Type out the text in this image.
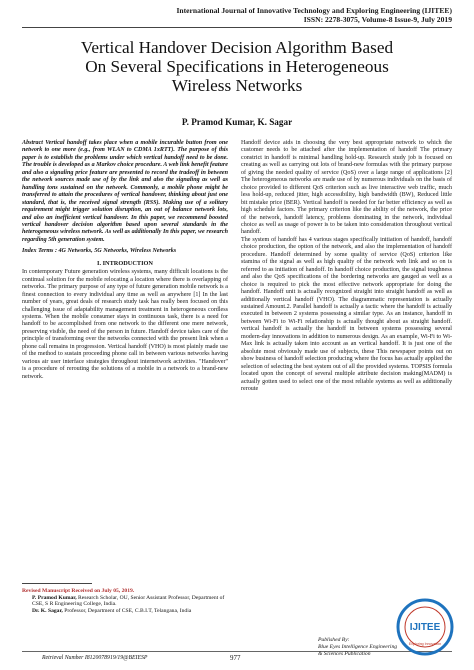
International Journal of Innovative Technology and Exploring Engineering (IJITEE)
ISSN: 2278-3075, Volume-8 Issue-9, July 2019
Vertical Handover Decision Algorithm Based
On Several Specifications in Heterogeneous
Wireless Networks
P. Pramod Kumar, K. Sagar

Abstract Vertical handoff takes place when a mobile incurable button from one network to one more (e.g., from WLAN to CDMA 1xRTT). The purpose of this paper is to establish the problems under which vertical handoff need to be done. The trouble is developed as a Markov choice procedure. A web link benefit feature and also a signaling price feature are presented to record the tradeoff in between the network sources made use of by the link and also the signaling as well as handling tons sustained on the network. Commonly, a mobile phone might be transferred to attain the procedures of vertical handover, thinking about just one standard, that is, the received signal strength (RSS). Making use of a solitary requirement might trigger solution disruption, an out of balance network lots, and also an inefficient vertical handover. In this paper, we recommend boosted vertical handover decision algorithm based upon several standards in the heterogeneous wireless network. As well as additionally In this paper, we research regarding 5th generation system.

Index Terms : 4G Networks, 5G Networks, Wireless Networks

I. INTRODUCTION

In contemporary Future generation wireless systems, many difficult locations is the continual solution for the mobile relocating a location where there is overlapping of networks. The primary purpose of any type of future generation mobile network is a finest connection to every individual any time as well as anywhere [1] In the last number of years, great deals of research study task has really been focused on this challenging issue of adaptability management treatment in heterogeneous cordless systems. When the mobile consumer stays in continuous task, there is a need for handoff to be accomplished from one network to the different one mere network, preserving visible, the need of the person in future. Handoff device takes care of the principle of transforming over the networks connected with the present link when a phone call remains in progression. Vertical handoff (VHO) is most plainly made use of the method to sustain proceeding phone call in between various networks having various air user interface strategies throughout internetwork activities. "Handover" is a procedure of rerouting the solutions of a mobile in a network to a brand-new network.

Handoff device aids in choosing the very best appropriate network to which the customer needs to be attached after the implementation of handoff The primary constrict in handoff is minimal handling hold-up. Research study job is focused on creating as well as carrying out lots of brand-new formulas with the primary purpose of giving the needed quality of service (QoS) over a large range of applications [2] The heterogeneous networks are made use of by numerous individuals on the basis of choice provided to different QoS criterion such as live interactive web traffic, much less hold-up, reduced jitter, high accessibility, high bandwidth (BW), Reduced little bit mistake price (BER). Vertical handoff is needed for far better efficiency as well as high schedule factors. The primary criterion like the ability of the network, the price of the network, handoff latency, problems dominating in the network, individual choice as well as usage of power is to be taken into consideration throughout vertical handoff.

The system of handoff has 4 various stages specifically initiation of handoff, handoff choice production, the option of the network, and also the implementation of handoff procedure. Handoff determined by some quality of service (QoS) criterion like stamina of the signal as well as high quality of the network web link and so on is referred to as initiation of handoff. In handoff choice production, the signal toughness and also the QoS specifications of the bordering networks are gauged as well as a choice is required to pick the most effective network appropriate for doing the handoff. Handoff unit is actually recognized straight into straight handoff as well as additionally vertical handoff (VHO). The diagrammatic representation is actually sustained Amount.2. Parallel handoff is actually a tactic where the handoff is actually executed in between 2 systems possessing a similar type. As an instance, handoff in between Wi-Fi to Wi-Fi relationship is actually thought about as straight handoff. vertical handoff is actually the handoff in between systems possessing several modern-day innovations in addition to numerous design. As an example, Wi-Fi to Wi-Max link is actually taken into account as an vertical handoff. It is just one of the absolute most obviously made use of subjects, these This newspaper points out on show business of handoff selection producing where the focus has actually applied the selection of selecting the best system out of all the provided systems. TOPSIS formula located upon the concept of several multiple attribute decision making(MADM) is actually gotten used to select one of the most reliable systems as well as additionally reroute

Revised Manuscript Received on July 05, 2019.
P. Pramod Kumar, Research Scholar, OU, Senior Assistant Professor, Department of CSE, S R Engineering College, India.
Dr. K. Sagar, Professor, Department of CSE, C.B.I.T, Telangana, India
Retrieval Number I8120078919/19@BEIESP	977
Published By:
Blue Eyes Intelligence Engineering
& Sciences Publication
IJITEE
Exploring Innovation
